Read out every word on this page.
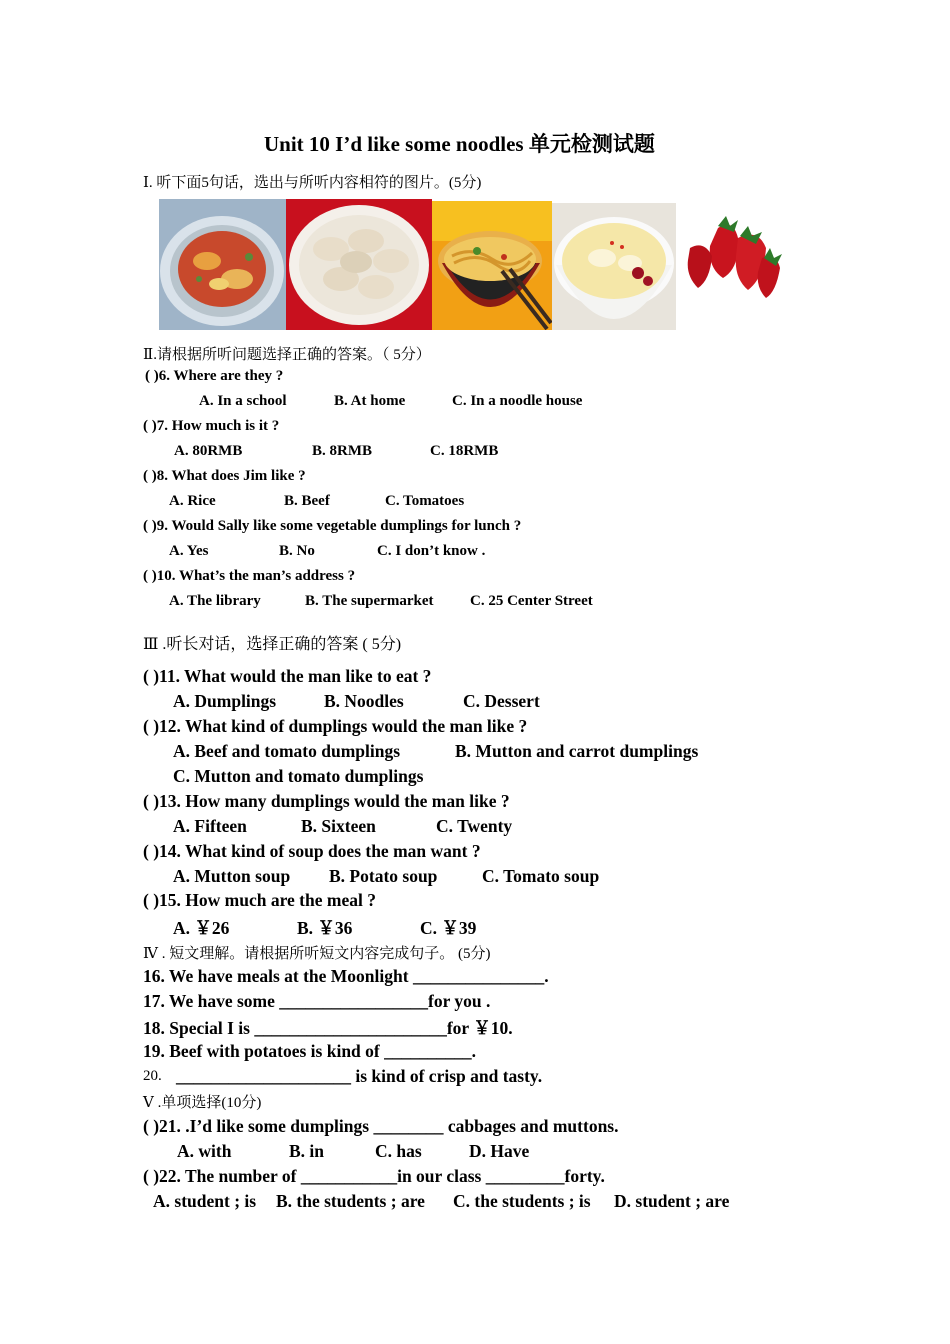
Unit 10 I’d like some noodles 单元检测试题
Ⅰ. 听下面5句话，选出与所听内容相符的图片。(5分)
Ⅱ.请根据所听问题选择正确的答案。（ 5分）
( )6. Where are they ?
A. In a school	B. At home	C. In a noodle house
( )7. How much is it ?
A. 80RMB	B. 8RMB	C. 18RMB
( )8. What does Jim like ?
A. Rice	B. Beef	C. Tomatoes
( )9. Would Sally like some vegetable dumplings for lunch ?
A. Yes	B. No	C. I don’t know .
( )10. What’s the man’s address ?
A. The library	B. The supermarket C. 25 Center Street
Ⅲ .听长对话，选择正确的答案 ( 5分)
( )11. What would the man like to eat ?
A. Dumplings	B. Noodles	C. Dessert
( )12. What kind of dumplings would the man like ?
A. Beef and tomato dumplings	B. Mutton and carrot dumplings
C. Mutton and tomato dumplings
( )13. How many dumplings would the man like ?
A. Fifteen	B. Sixteen	C. Twenty
( )14. What kind of soup does the man want ?
A. Mutton soup B. Potato soup	C. Tomato soup
( )15. How much are the meal ?
A. ￥26	B. ￥36	C. ￥39
Ⅳ . 短文理解。请根据所听短文内容完成句子。 (5分)
16. We have meals at the Moonlight _______________.
17. We have some _________________for you .
18. Special I is ______________________for ￥10.
19. Beef with potatoes is kind of __________.
20. ____________________ is kind of crisp and tasty.
Ⅴ .单项选择(10分)
( )21. .I’d like some dumplings ________ cabbages and muttons.
A. with	B. in	C. has	D. Have
( )22. The number of ___________in our class _________forty.
A. student ; is B. the students ; are C. the students ; is D. student ; are
